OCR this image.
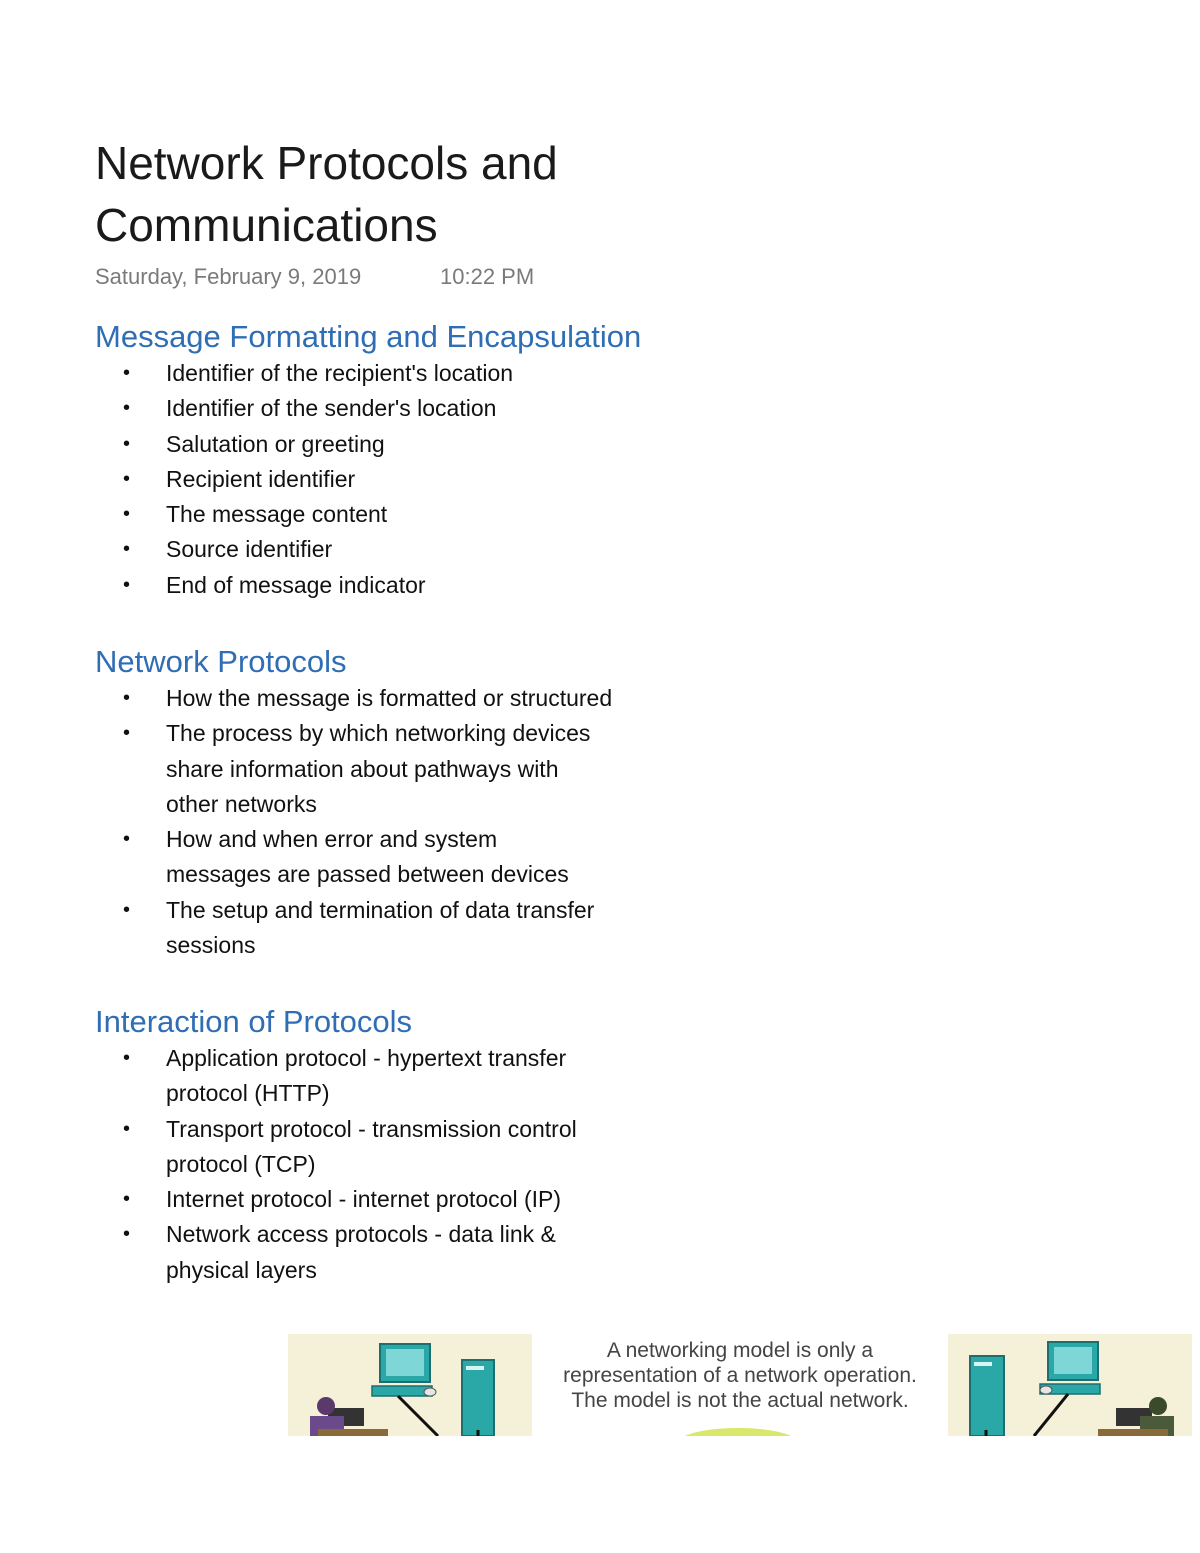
Network Protocols and Communications
Saturday, February 9, 2019	10:22 PM
Message Formatting and Encapsulation
• Identifier of the recipient's location
• Identifier of the sender's location
• Salutation or greeting
• Recipient identifier
• The message content
• Source identifier
• End of message indicator
Network Protocols
• How the message is formatted or structured
• The process by which networking devices share information about pathways with other networks
• How and when error and system messages are passed between devices
• The setup and termination of data transfer sessions
Interaction of Protocols
• Application protocol - hypertext transfer protocol (HTTP)
• Transport protocol - transmission control protocol (TCP)
• Internet protocol - internet protocol (IP)
• Network access protocols - data link & physical layers
A networking model is only a
representation of a network operation.
The model is not the actual network.
